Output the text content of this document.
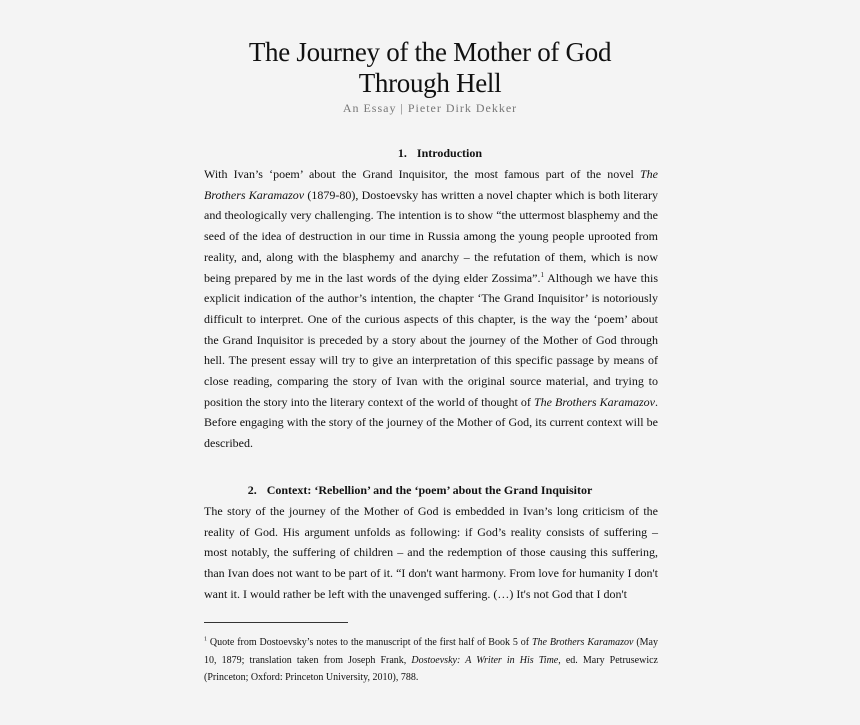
The Journey of the Mother of God
Through Hell
An Essay | Pieter Dirk Dekker
1. Introduction

With Ivan’s ‘poem’ about the Grand Inquisitor, the most famous part of the novel The Brothers Karamazov (1879-80), Dostoevsky has written a novel chapter which is both literary and theologically very challenging. The intention is to show “the uttermost blasphemy and the seed of the idea of destruction in our time in Russia among the young people uprooted from reality, and, along with the blasphemy and anarchy – the refutation of them, which is now being prepared by me in the last words of the dying elder Zossima”.$^1$ Although we have this explicit indication of the author’s intention, the chapter ‘The Grand Inquisitor’ is notoriously difficult to interpret. One of the curious aspects of this chapter, is the way the ‘poem’ about the Grand Inquisitor is preceded by a story about the journey of the Mother of God through hell. The present essay will try to give an interpretation of this specific passage by means of close reading, comparing the story of Ivan with the original source material, and trying to position the story into the literary context of the world of thought of The Brothers Karamazov. Before engaging with the story of the journey of the Mother of God, its current context will be described.

2. Context: ‘Rebellion’ and the ‘poem’ about the Grand Inquisitor

The story of the journey of the Mother of God is embedded in Ivan’s long criticism of the reality of God. His argument unfolds as following: if God’s reality consists of suffering – most notably, the suffering of children – and the redemption of those causing this suffering, than Ivan does not want to be part of it. “I don't want harmony. From love for humanity I don't want it. I would rather be left with the unavenged suffering. (…) It's not God that I don't

$^1$ Quote from Dostoevsky’s notes to the manuscript of the first half of Book 5 of The Brothers Karamazov (May 10, 1879; translation taken from Joseph Frank, Dostoevsky: A Writer in His Time, ed. Mary Petrusewicz (Princeton; Oxford: Princeton University, 2010), 788.
